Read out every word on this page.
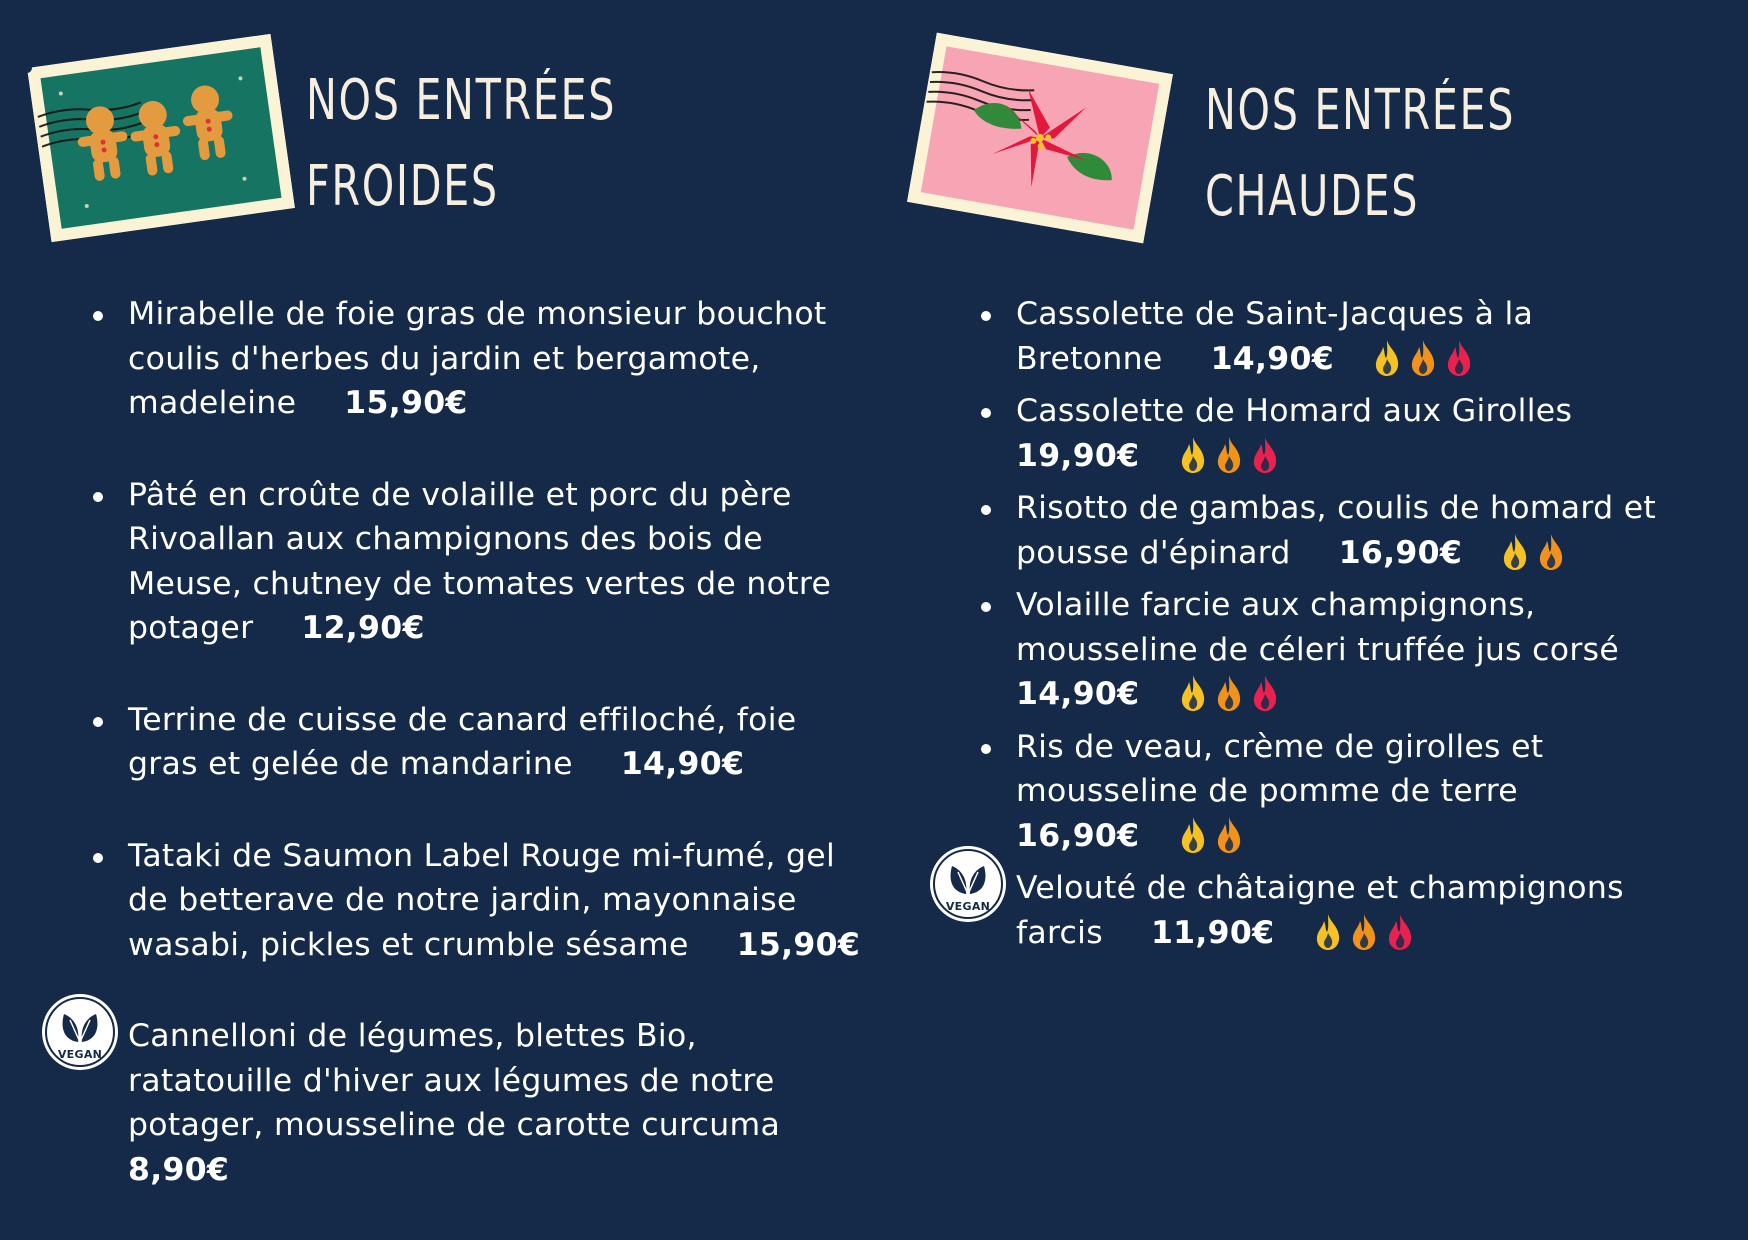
NOS ENTRÉES
FROIDES
Mirabelle de foie gras de monsieur bouchot
coulis d'herbes du jardin et bergamote,
madeleine 15,90€
Pâté en croûte de volaille et porc du père
Rivoallan aux champignons des bois de
Meuse, chutney de tomates vertes de notre
potager 12,90€
Terrine de cuisse de canard effiloché, foie
gras et gelée de mandarine 14,90€
Tataki de Saumon Label Rouge mi-fumé, gel
de betterave de notre jardin, mayonnaise
wasabi, pickles et crumble sésame 15,90€
VEGAN
Cannelloni de légumes, blettes Bio,
ratatouille d'hiver aux légumes de notre
potager, mousseline de carotte curcuma
8,90€
NOS ENTRÉES
CHAUDES
Cassolette de Saint-Jacques à la
Bretonne 14,90€
Cassolette de Homard aux Girolles
19,90€
Risotto de gambas, coulis de homard et
pousse d'épinard 16,90€
Volaille farcie aux champignons,
mousseline de céleri truffée jus corsé
14,90€
Ris de veau, crème de girolles et
mousseline de pomme de terre
16,90€
VEGAN
Velouté de châtaigne et champignons
farcis 11,90€
